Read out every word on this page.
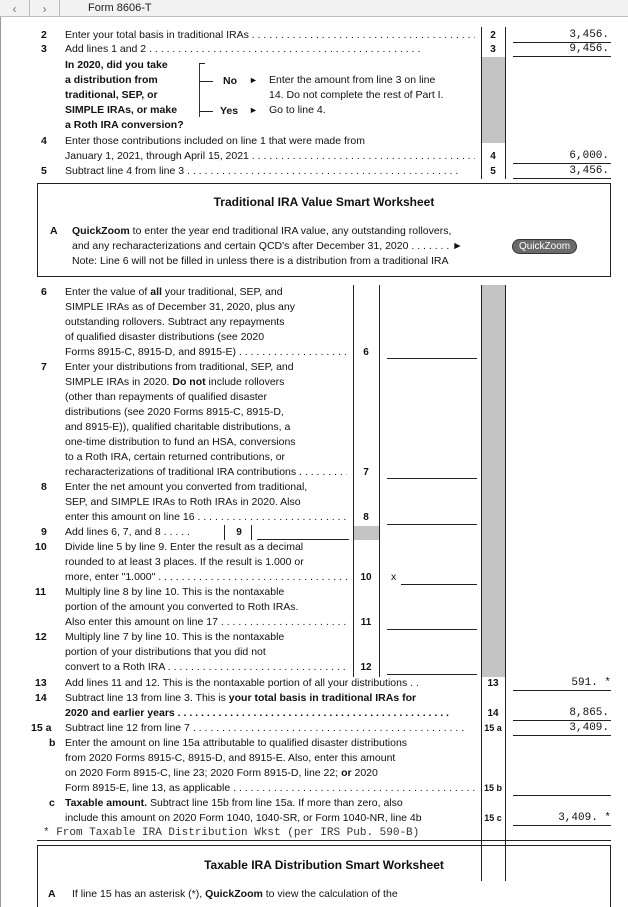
‹ ›	Form 8606-T
2 Enter your total basis in traditional IRAs . . .	2	3,456.
3 Add lines 1 and 2 . . .	3	9,456.
In 2020, did you take
a distribution from
traditional, SEP, or
SIMPLE IRAs, or make
a Roth IRA conversion?
No ► Enter the amount from line 3 on line
14. Do not complete the rest of Part I.
Yes ► Go to line 4.
4 Enter those contributions included on line 1 that were made from
January 1, 2021, through April 15, 2021 . . .	4	6,000.
5 Subtract line 4 from line 3 . . .	5	3,456.
Traditional IRA Value Smart Worksheet
A QuickZoom to enter the year end traditional IRA value, any outstanding rollovers,
and any recharacterizations and certain QCD's after December 31, 2020 . . . . . . . ►
Note: Line 6 will not be filled in unless there is a distribution from a traditional IRA
QuickZoom
6 Enter the value of all your traditional, SEP, and
SIMPLE IRAs as of December 31, 2020, plus any
outstanding rollovers. Subtract any repayments
of qualified disaster distributions (see 2020
Forms 8915-C, 8915-D, and 8915-E) . . .	6
7 Enter your distributions from traditional, SEP, and
SIMPLE IRAs in 2020. Do not include rollovers
(other than repayments of qualified disaster
distributions (see 2020 Forms 8915-C, 8915-D,
and 8915-E)), qualified charitable distributions, a
one-time distribution to fund an HSA, conversions
to a Roth IRA, certain returned contributions, or
recharacterizations of traditional IRA contributions . . .	7
8 Enter the net amount you converted from traditional,
SEP, and SIMPLE IRAs to Roth IRAs in 2020. Also
enter this amount on line 16 . . .	8
9 Add lines 6, 7, and 8 . . . . .	9
10 Divide line 5 by line 9. Enter the result as a decimal
rounded to at least 3 places. If the result is 1.000 or
more, enter "1.000" . . .	10	x
11 Multiply line 8 by line 10. This is the nontaxable
portion of the amount you converted to Roth IRAs.
Also enter this amount on line 17 . . .	11
12 Multiply line 7 by line 10. This is the nontaxable
portion of your distributions that you did not
convert to a Roth IRA . . .	12
13 Add lines 11 and 12. This is the nontaxable portion of all your distributions . .	13	591. *
14 Subtract line 13 from line 3. This is your total basis in traditional IRAs for
2020 and earlier years . . .	14	8,865.
15 a Subtract line 12 from line 7 . . .	15 a	3,409.
b Enter the amount on line 15a attributable to qualified disaster distributions
from 2020 Forms 8915-C, 8915-D, and 8915-E. Also, enter this amount
on 2020 Form 8915-C, line 23; 2020 Form 8915-D, line 22; or 2020
Form 8915-E, line 13, as applicable . . .	15 b
c Taxable amount. Subtract line 15b from line 15a. If more than zero, also
include this amount on 2020 Form 1040, 1040-SR, or Form 1040-NR, line 4b	15 c	3,409. *
* From Taxable IRA Distribution Wkst (per IRS Pub. 590-B)
Taxable IRA Distribution Smart Worksheet
A If line 15 has an asterisk (*), QuickZoom to view the calculation of the
